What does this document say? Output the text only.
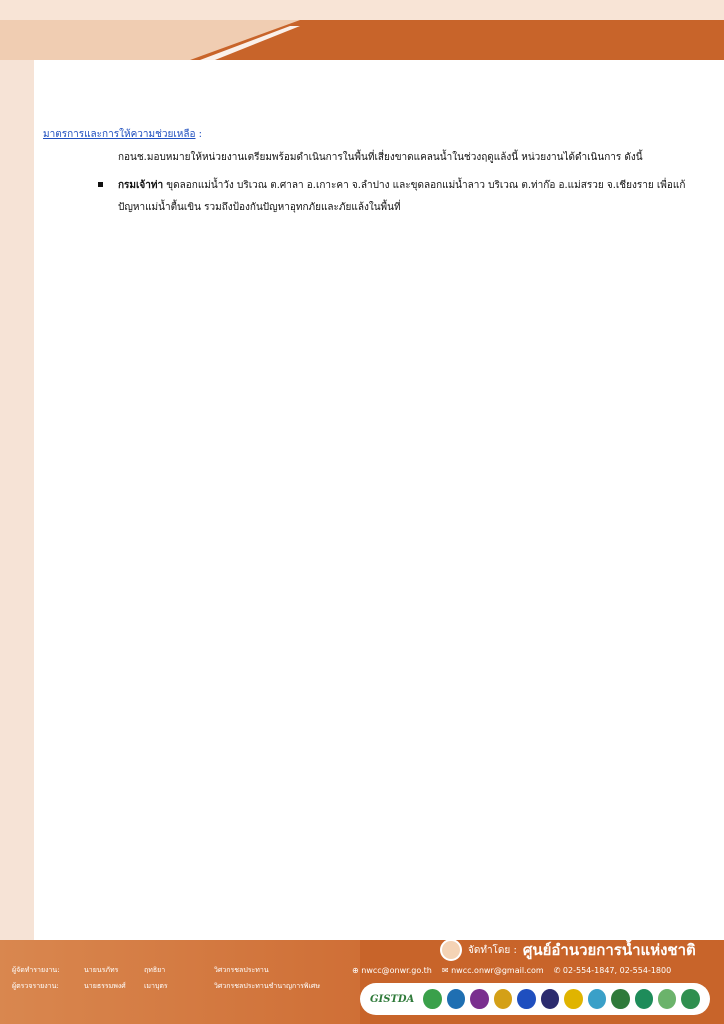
มาตรการและการให้ความช่วยเหลือ :
กอนช.มอบหมายให้หน่วยงานเตรียมพร้อมดำเนินการในพื้นที่เสี่ยงขาดแคลนน้ำในช่วงฤดูแล้งนี้ หน่วยงานได้ดำเนินการ ดังนี้
กรมเจ้าท่า ขุดลอกแม่น้ำวัง บริเวณ ต.ศาลา อ.เกาะคา จ.ลำปาง และขุดลอกแม่น้ำลาว บริเวณ ต.ท่าก๊อ อ.แม่สรวย จ.เชียงราย เพื่อแก้ปัญหาแม่น้ำตื้นเขิน รวมถึงป้องกันปัญหาอุทกภัยและภัยแล้งในพื้นที่
ผู้จัดทำรายงาน:	นายนรภัทร	ฤทธิยา	วิศวกรชลประทาน
ผู้ตรวจรายงาน:	นายธรรมพงศ์	เมาบุตร	วิศวกรชลประทานชำนาญการพิเศษ
จัดทำโดย : ศูนย์อำนวยการน้ำแห่งชาติ
⊕ nwcc@onwr.go.th ✉ nwcc.onwr@gmail.com ✆ 02-554-1847, 02-554-1800
GISTDA
